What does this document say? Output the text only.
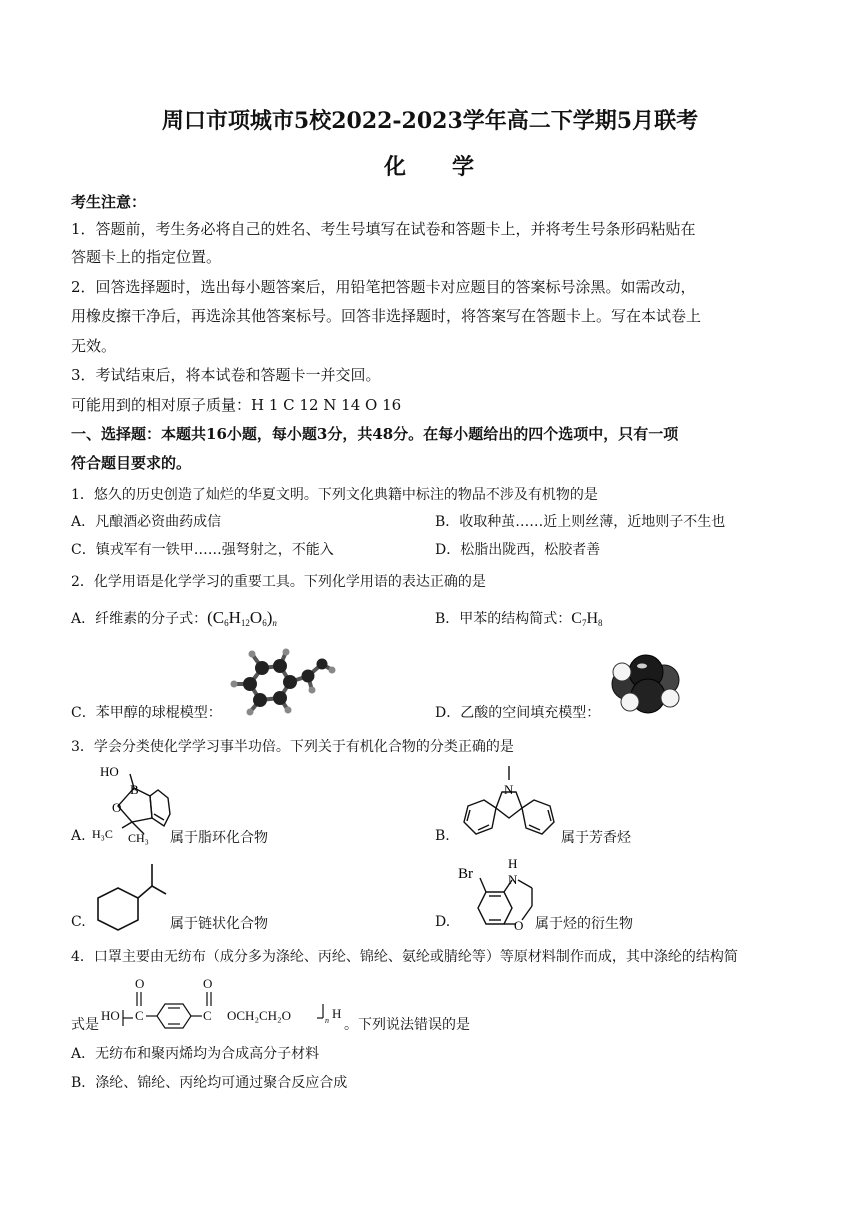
周口市项城市5校2022-2023学年高二下学期5月联考
化 学
考生注意：
1．答题前，考生务必将自己的姓名、考生号填写在试卷和答题卡上，并将考生号条形码粘贴在
答题卡上的指定位置。
2．回答选择题时，选出每小题答案后，用铅笔把答题卡对应题目的答案标号涂黑。如需改动，
用橡皮擦干净后，再选涂其他答案标号。回答非选择题时，将答案写在答题卡上。写在本试卷上
无效。
3．考试结束后，将本试卷和答题卡一并交回。
可能用到的相对原子质量：H 1 C 12 N 14 O 16
一、选择题：本题共16小题，每小题3分，共48分。在每小题给出的四个选项中，只有一项
符合题目要求的。
1．悠久的历史创造了灿烂的华夏文明。下列文化典籍中标注的物品不涉及有机物的是
A．凡酿酒必资曲药成信	B．收取种茧……近上则丝薄，近地则子不生也
C．镇戎军有一铁甲……强弩射之，不能入	D．松脂出陇西，松胶者善
2．化学用语是化学学习的重要工具。下列化学用语的表达正确的是
A．纤维素的分子式：$(C_6H_{12}O_6)_n$	B．甲苯的结构简式：$C_7H_8$
C．苯甲醇的球棍模型：	D．乙酸的空间填充模型：
3．学会分类使化学学习事半功倍。下列关于有机化合物的分类正确的是
A.
HO
B
O
H₃C CH₃ 属于脂环化合物	B.
N
属于芳香烃
C.	属于链状化合物	D.
Br
H
N
O 属于烃的衍生物
4．口罩主要由无纺布（成分多为涤纶、丙纶、锦纶、氨纶或腈纶等）等原材料制作而成，其中涤纶的结构简
式是
HO
O
C
O
C OCH₂CH₂O	H
n 。下列说法错误的是
A．无纺布和聚丙烯均为合成高分子材料
B．涤纶、锦纶、丙纶均可通过聚合反应合成
